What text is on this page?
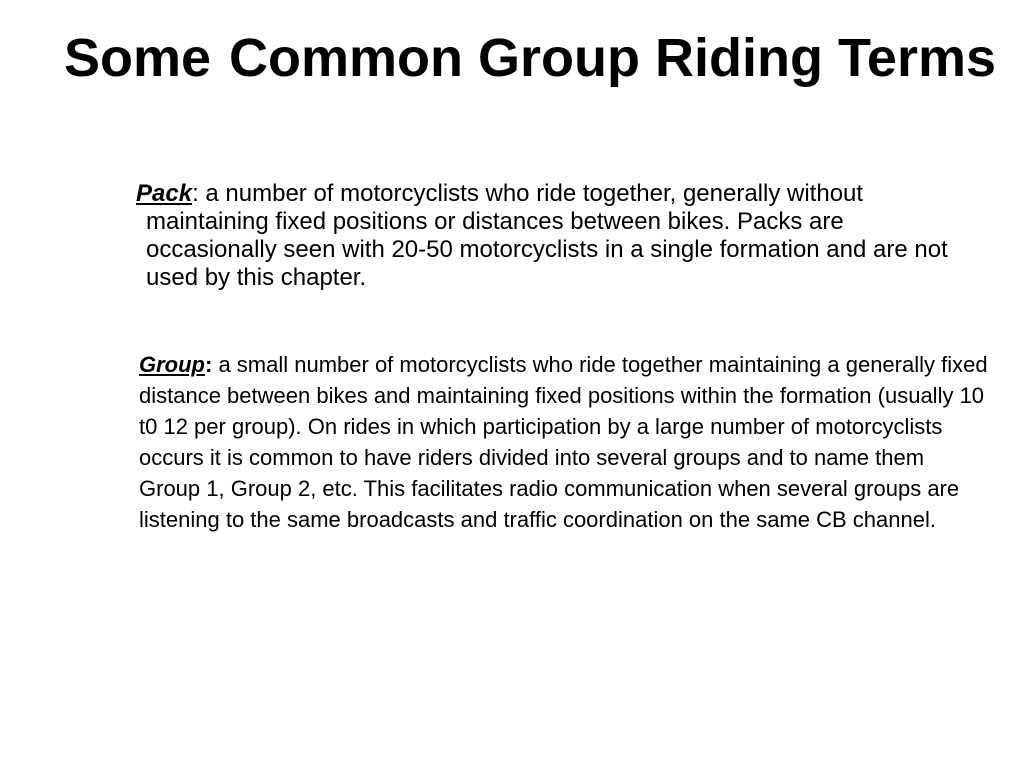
Some Common Group Riding Terms

Pack: a number of motorcyclists who ride together, generally without maintaining fixed positions or distances between bikes. Packs are occasionally seen with 20-50 motorcyclists in a single formation and are not used by this chapter.

Group: a small number of motorcyclists who ride together maintaining a generally fixed distance between bikes and maintaining fixed positions within the formation (usually 10 t0 12 per group). On rides in which participation by a large number of motorcyclists occurs it is common to have riders divided into several groups and to name them Group 1, Group 2, etc. This facilitates radio communication when several groups are listening to the same broadcasts and traffic coordination on the same CB channel.
